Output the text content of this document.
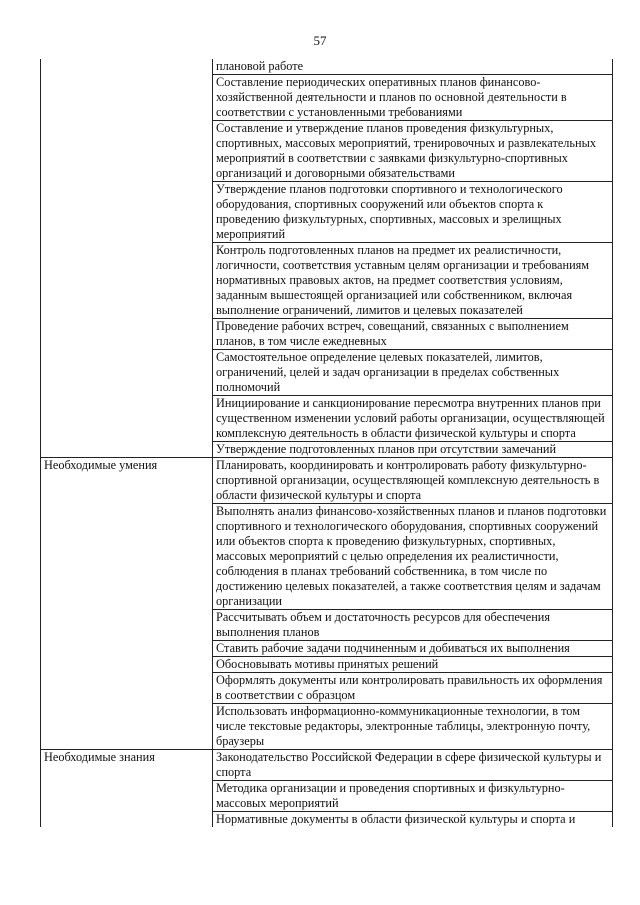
57
	плановой работе
	Составление периодических оперативных планов финансово-хозяйственной деятельности и планов по основной деятельности в соответствии с установленными требованиями
	Составление и утверждение планов проведения физкультурных, спортивных, массовых мероприятий, тренировочных и развлекательных мероприятий в соответствии с заявками физкультурно-спортивных организаций и договорными обязательствами
	Утверждение планов подготовки спортивного и технологического оборудования, спортивных сооружений или объектов спорта к проведению физкультурных, спортивных, массовых и зрелищных мероприятий
	Контроль подготовленных планов на предмет их реалистичности, логичности, соответствия уставным целям организации и требованиям нормативных правовых актов, на предмет соответствия условиям, заданным вышестоящей организацией или собственником, включая выполнение ограничений, лимитов и целевых показателей
	Проведение рабочих встреч, совещаний, связанных с выполнением планов, в том числе ежедневных
	Самостоятельное определение целевых показателей, лимитов, ограничений, целей и задач организации в пределах собственных полномочий
	Инициирование и санкционирование пересмотра внутренних планов при существенном изменении условий работы организации, осуществляющей комплексную деятельность в области физической культуры и спорта
	Утверждение подготовленных планов при отсутствии замечаний
Необходимые умения	Планировать, координировать и контролировать работу физкультурно-спортивной организации, осуществляющей комплексную деятельность в области физической культуры и спорта
	Выполнять анализ финансово-хозяйственных планов и планов подготовки спортивного и технологического оборудования, спортивных сооружений или объектов спорта к проведению физкультурных, спортивных, массовых мероприятий с целью определения их реалистичности, соблюдения в планах требований собственника, в том числе по достижению целевых показателей, а также соответствия целям и задачам организации
	Рассчитывать объем и достаточность ресурсов для обеспечения выполнения планов
	Ставить рабочие задачи подчиненным и добиваться их выполнения
	Обосновывать мотивы принятых решений
	Оформлять документы или контролировать правильность их оформления в соответствии с образцом
	Использовать информационно-коммуникационные технологии, в том числе текстовые редакторы, электронные таблицы, электронную почту, браузеры
Необходимые знания	Законодательство Российской Федерации в сфере физической культуры и спорта
	Методика организации и проведения спортивных и физкультурно-массовых мероприятий
	Нормативные документы в области физической культуры и спорта и
